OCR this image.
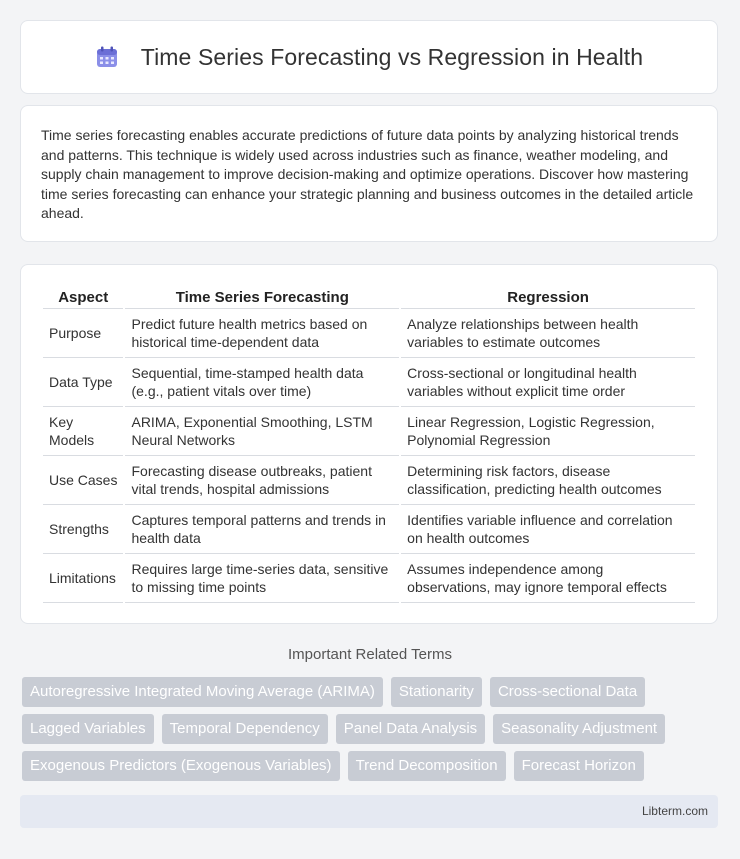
Time Series Forecasting vs Regression in Health

Time series forecasting enables accurate predictions of future data points by analyzing historical trends and patterns. This technique is widely used across industries such as finance, weather modeling, and supply chain management to improve decision-making and optimize operations. Discover how mastering time series forecasting can enhance your strategic planning and business outcomes in the detailed article ahead.

Aspect	Time Series Forecasting	Regression
Purpose	Predict future health metrics based on historical time-dependent data	Analyze relationships between health variables to estimate outcomes
Data Type	Sequential, time-stamped health data (e.g., patient vitals over time)	Cross-sectional or longitudinal health variables without explicit time order
Key Models	ARIMA, Exponential Smoothing, LSTM Neural Networks	Linear Regression, Logistic Regression, Polynomial Regression
Use Cases	Forecasting disease outbreaks, patient vital trends, hospital admissions	Determining risk factors, disease classification, predicting health outcomes
Strengths	Captures temporal patterns and trends in health data	Identifies variable influence and correlation on health outcomes
Limitations	Requires large time-series data, sensitive to missing time points	Assumes independence among observations, may ignore temporal effects
Important Related Terms
Autoregressive Integrated Moving Average (ARIMA)	Stationarity	Cross-sectional Data
Lagged Variables	Temporal Dependency	Panel Data Analysis	Seasonality Adjustment
Exogenous Predictors (Exogenous Variables)	Trend Decomposition	Forecast Horizon
Libterm.com
